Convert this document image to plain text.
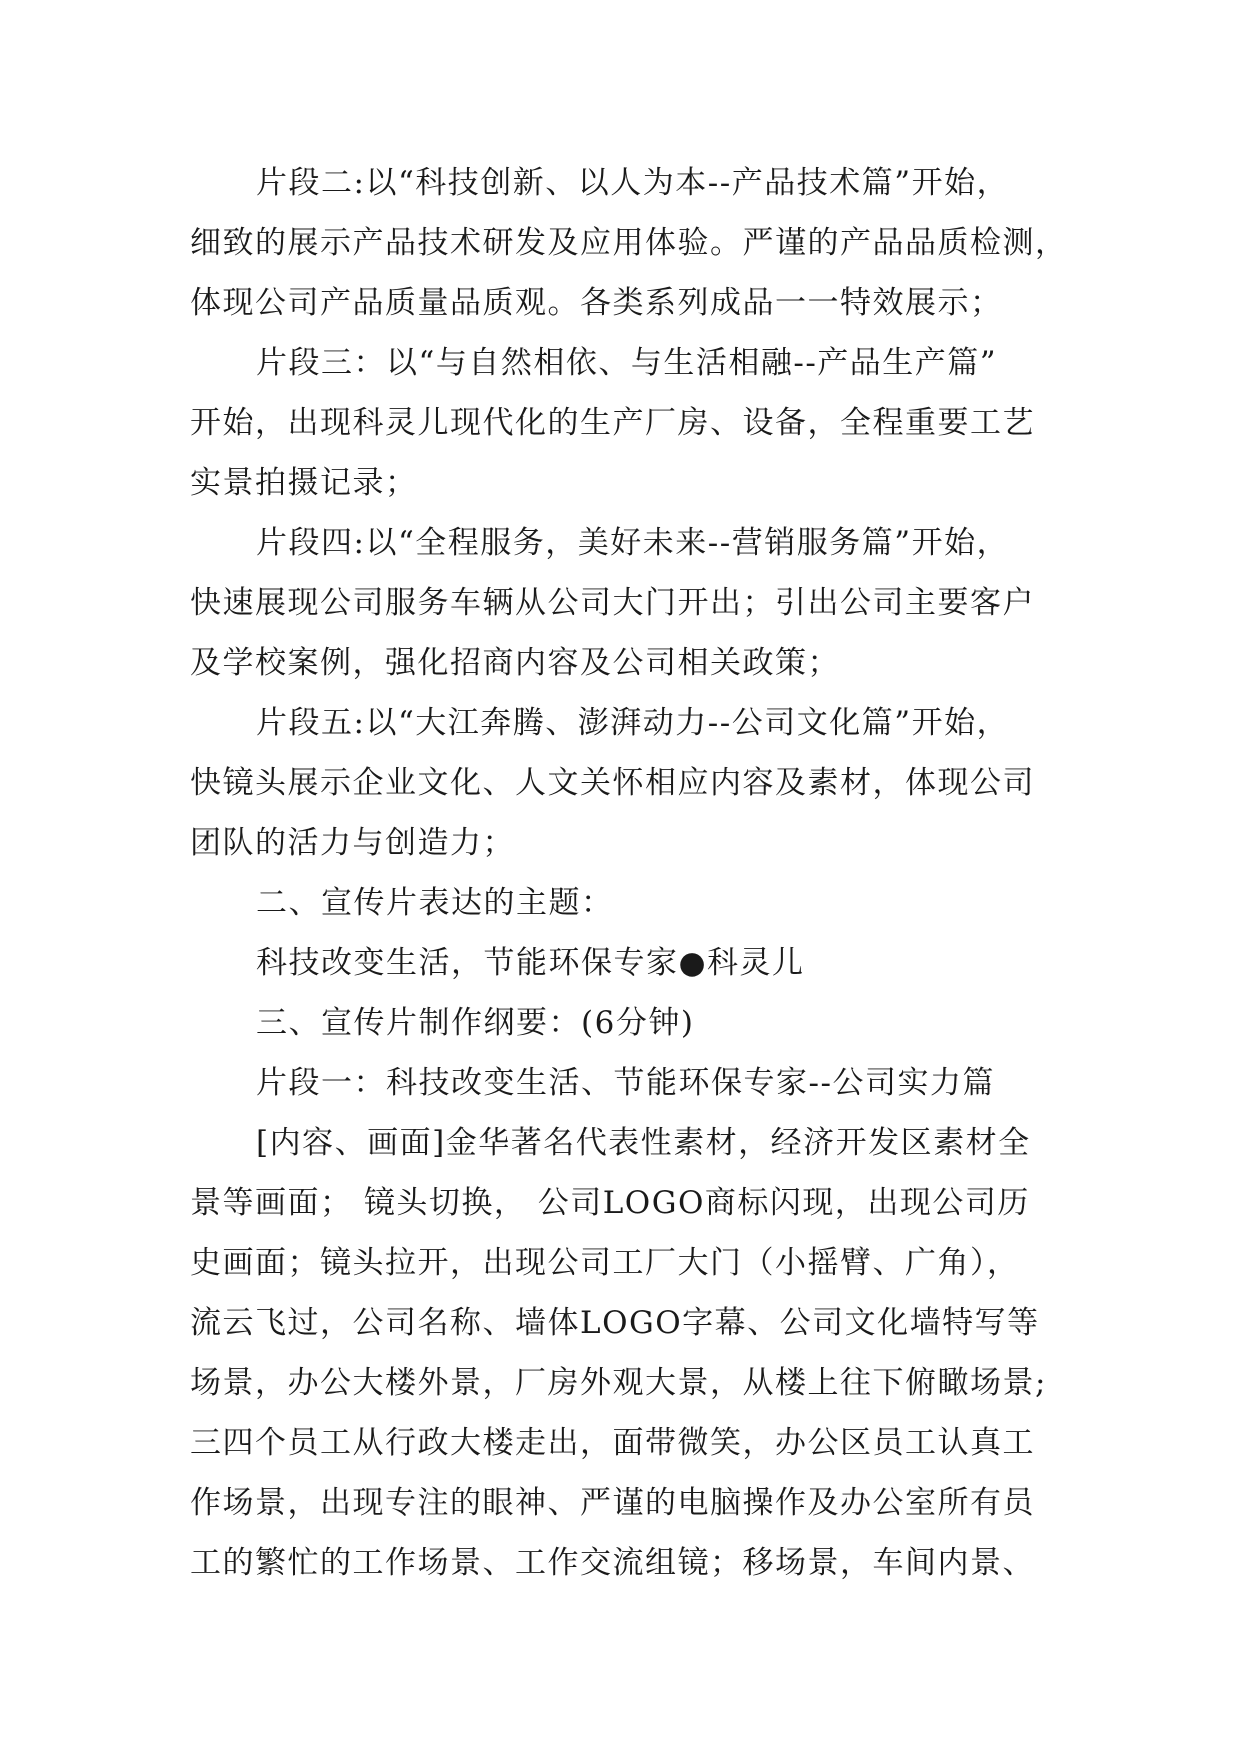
片段二:以“科技创新、以人为本--产品技术篇”开始，
细致的展示产品技术研发及应用体验。严谨的产品品质检测，
体现公司产品质量品质观。各类系列成品一一特效展示；
片段三：以“与自然相依、与生活相融--产品生产篇”
开始，出现科灵儿现代化的生产厂房、设备，全程重要工艺
实景拍摄记录；
片段四:以“全程服务，美好未来--营销服务篇”开始，
快速展现公司服务车辆从公司大门开出；引出公司主要客户
及学校案例，强化招商内容及公司相关政策；
片段五:以“大江奔腾、澎湃动力--公司文化篇”开始，
快镜头展示企业文化、人文关怀相应内容及素材，体现公司
团队的活力与创造力；
二、宣传片表达的主题：
科技改变生活，节能环保专家●科灵儿
三、宣传片制作纲要：(6分钟)
片段一：科技改变生活、节能环保专家--公司实力篇
[内容、画面]金华著名代表性素材，经济开发区素材全
景等画面； 镜头切换， 公司LOGO商标闪现，出现公司历
史画面；镜头拉开，出现公司工厂大门（小摇臂、广角），
流云飞过，公司名称、墙体LOGO字幕、公司文化墙特写等
场景，办公大楼外景，厂房外观大景，从楼上往下俯瞰场景;
三四个员工从行政大楼走出，面带微笑，办公区员工认真工
作场景，出现专注的眼神、严谨的电脑操作及办公室所有员
工的繁忙的工作场景、工作交流组镜；移场景，车间内景、
